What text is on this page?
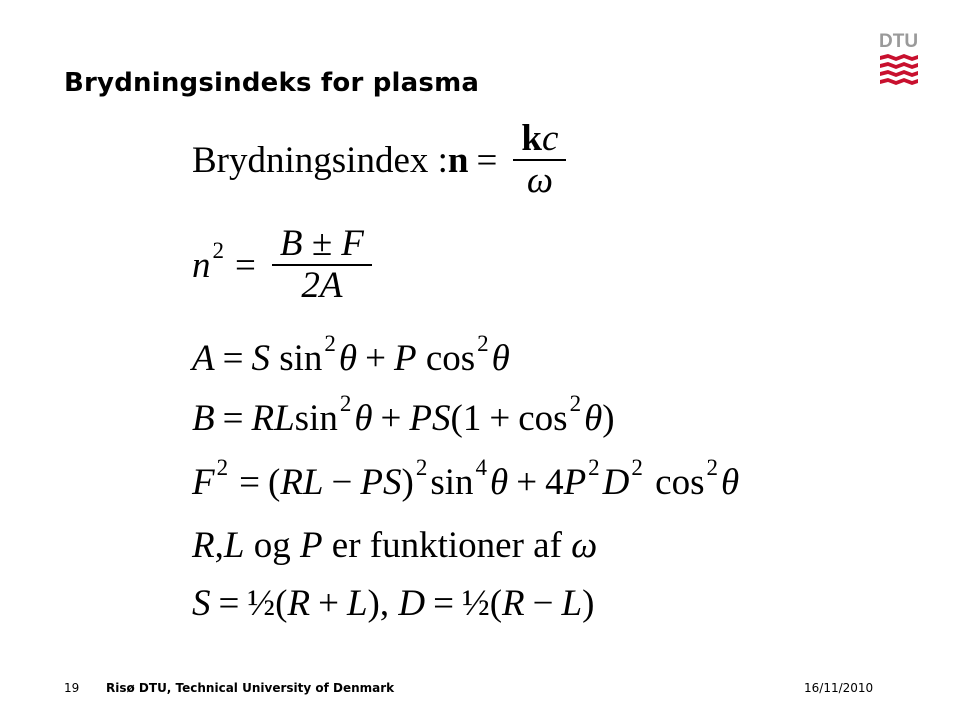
Brydningsindeks for plasma
DTU
Brydningsindex : $n = \frac{kc}{\omega}$
n $2 = \frac{B \pm F}{2A}$
A = S
sin 2 θ + P
cos 2 θ
B = RL sin 2 θ + PS (1 + cos 2 θ )
F 2 = ( RL − PS ) 2 sin 4 θ + 4 P 2 D 2
cos 2 θ
R , L og P er funktioner af ω
S = ½( R + L ),
D = ½( R − L )
19 Risø DTU, Technical University of Denmark	16/11/2010
